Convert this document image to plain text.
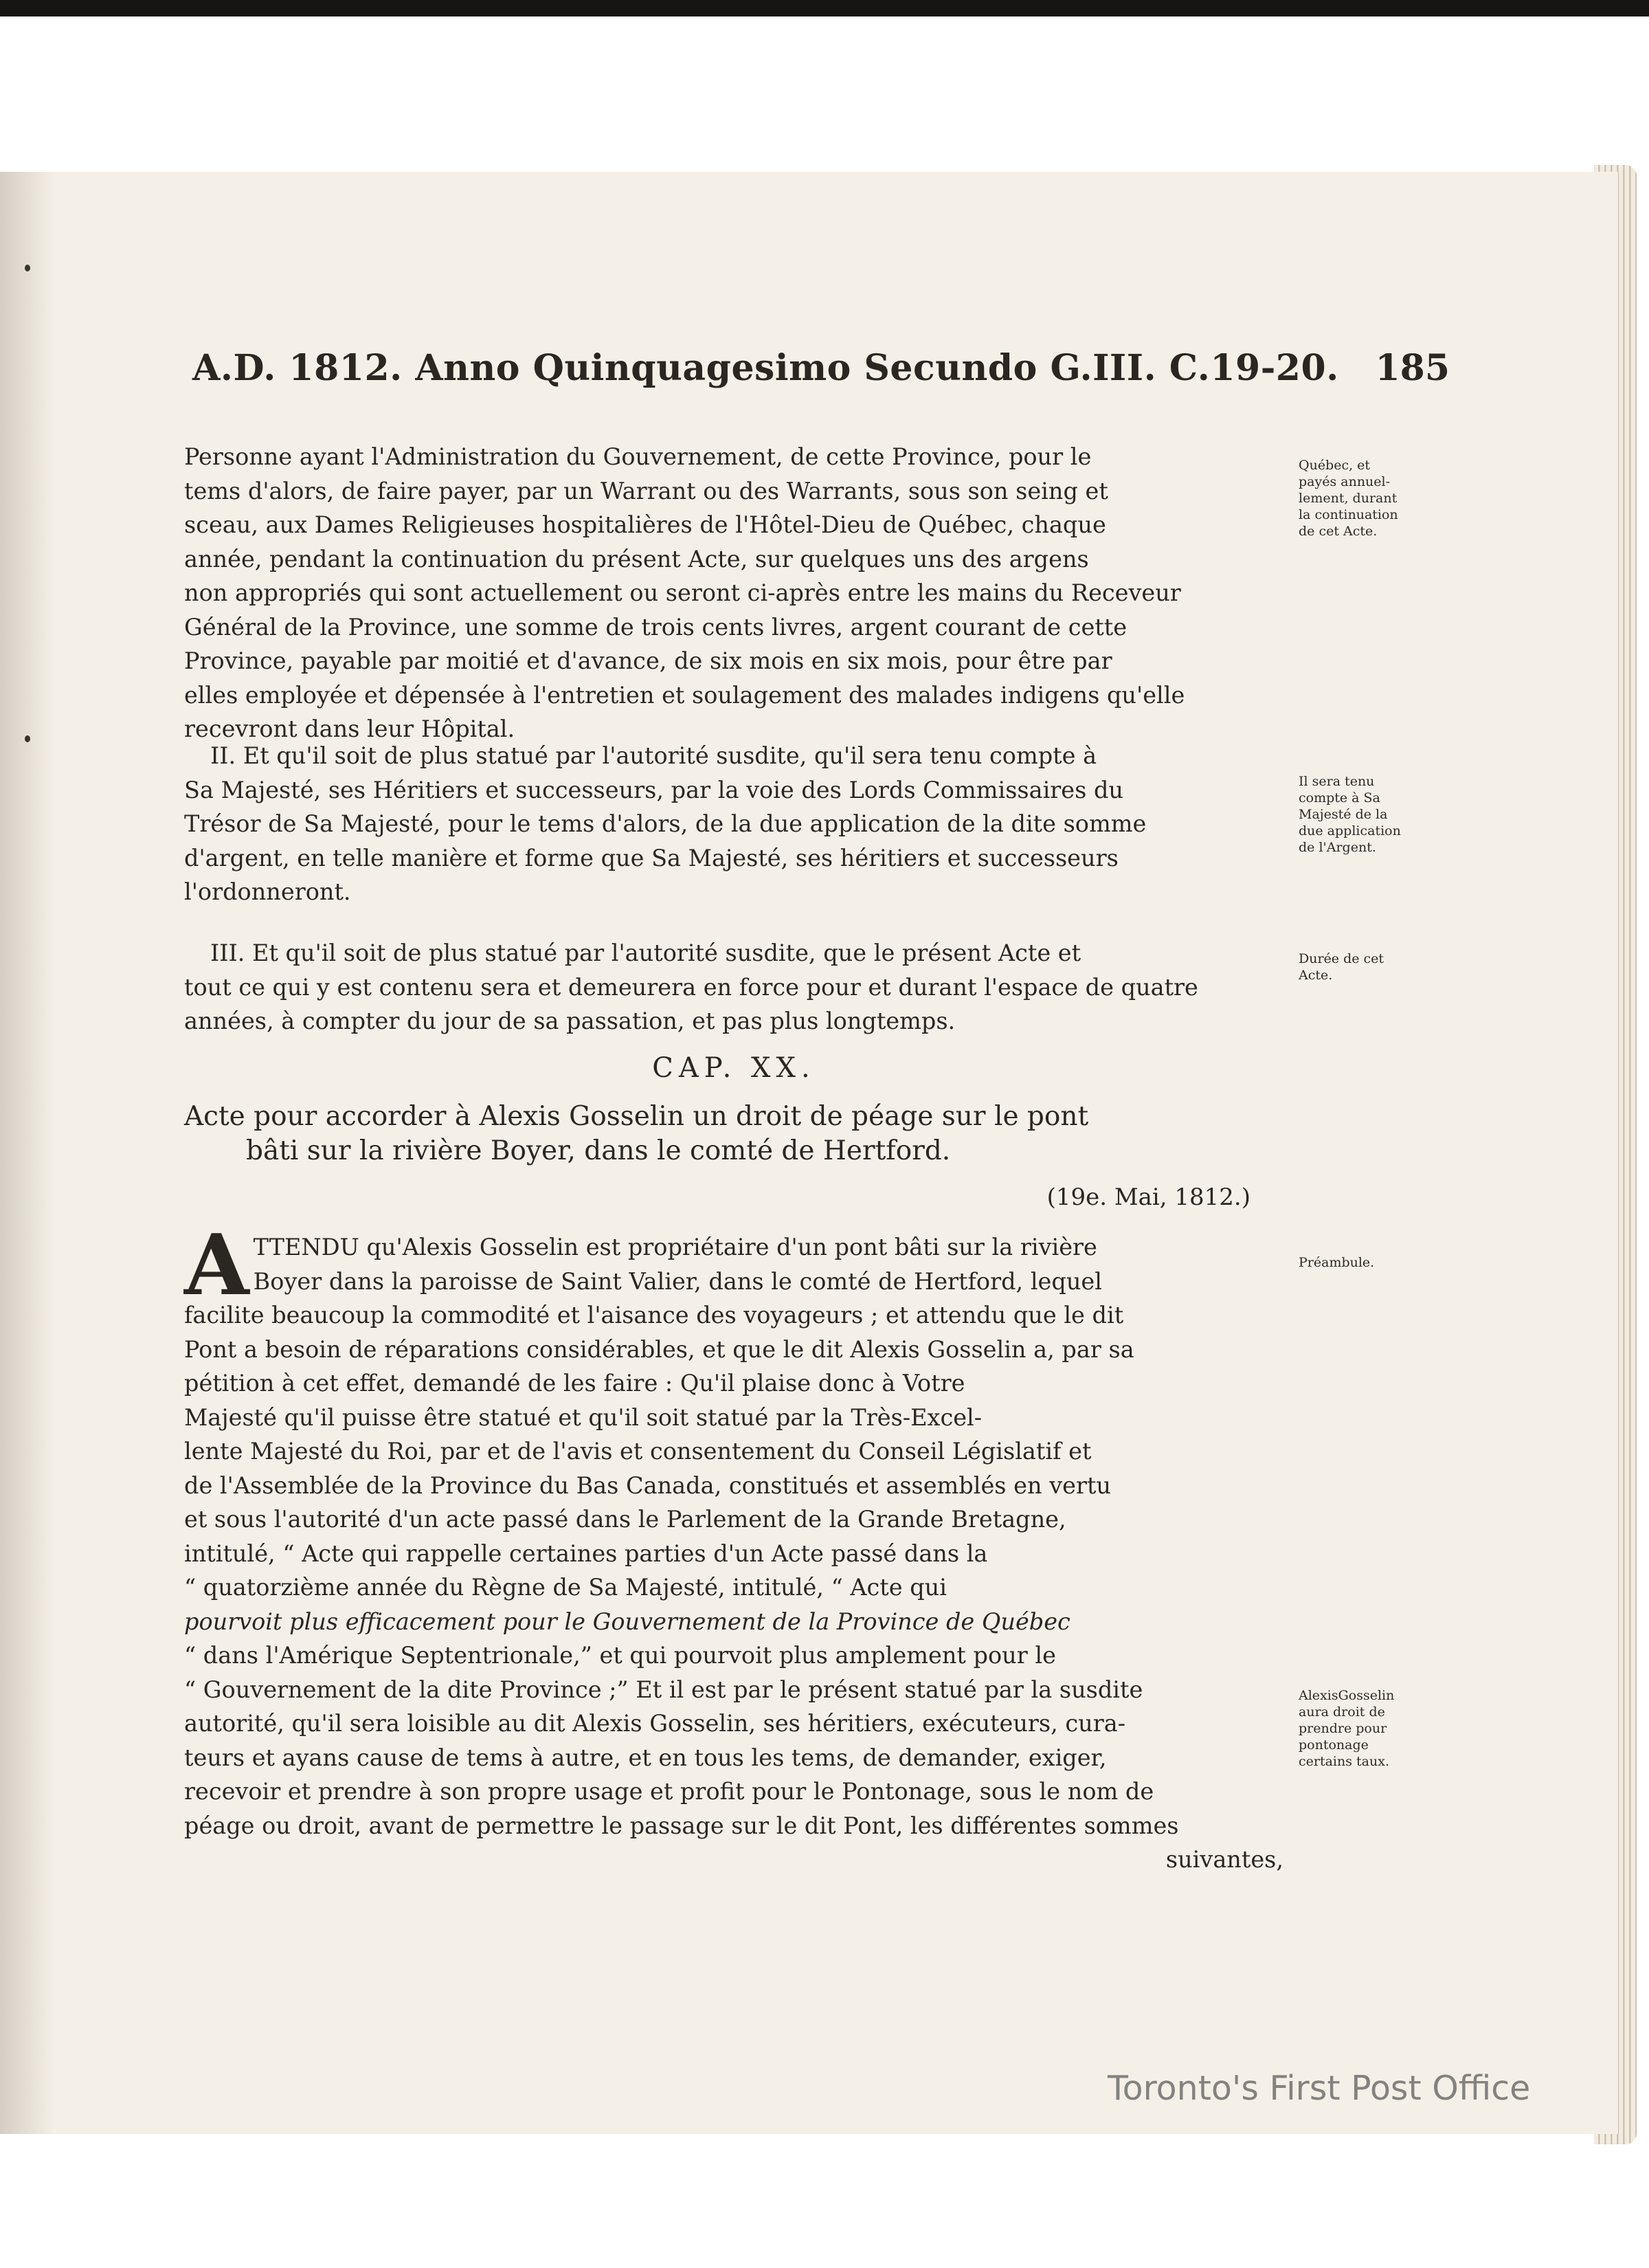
A.D. 1812. Anno Quinquagesimo Secundo G.III. C.19-20. 185

Personne ayant l'Administration du Gouvernement, de cette Province, pour le

tems d'alors, de faire payer, par un Warrant ou des Warrants, sous son seing et

sceau, aux Dames Religieuses hospitalières de l'Hôtel-Dieu de Québec, chaque

année, pendant la continuation du présent Acte, sur quelques uns des argens

non appropriés qui sont actuellement ou seront ci-après entre les mains du Receveur

Général de la Province, une somme de trois cents livres, argent courant de cette

Province, payable par moitié et d'avance, de six mois en six mois, pour être par

elles employée et dépensée à l'entretien et soulagement des malades indigens qu'elle

recevront dans leur Hôpital.

II. Et qu'il soit de plus statué par l'autorité susdite, qu'il sera tenu compte à

Sa Majesté, ses Héritiers et successeurs, par la voie des Lords Commissaires du

Trésor de Sa Majesté, pour le tems d'alors, de la due application de la dite somme

d'argent, en telle manière et forme que Sa Majesté, ses héritiers et successeurs

l'ordonneront.

III. Et qu'il soit de plus statué par l'autorité susdite, que le présent Acte et

tout ce qui y est contenu sera et demeurera en force pour et durant l'espace de quatre

années, à compter du jour de sa passation, et pas plus longtemps.

CAP. XX.
Acte pour accorder à Alexis Gosselin un droit de péage sur le pont
bâti sur la rivière Boyer, dans le comté de Hertford.
(19e. Mai, 1812.)
A TTENDU qu'Alexis Gosselin est propriétaire d'un pont bâti sur la rivière

Boyer dans la paroisse de Saint Valier, dans le comté de Hertford, lequel

facilite beaucoup la commodité et l'aisance des voyageurs ; et attendu que le dit

Pont a besoin de réparations considérables, et que le dit Alexis Gosselin a, par sa

pétition à cet effet, demandé de les faire : Qu'il plaise donc à Votre

Majesté qu'il puisse être statué et qu'il soit statué par la Très-Excel-

lente Majesté du Roi, par et de l'avis et consentement du Conseil Législatif et

de l'Assemblée de la Province du Bas Canada, constitués et assemblés en vertu

et sous l'autorité d'un acte passé dans le Parlement de la Grande Bretagne,

intitulé, “ Acte qui rappelle certaines parties d'un Acte passé dans la

“ quatorzième année du Règne de Sa Majesté, intitulé, “ Acte qui

pourvoit plus efficacement pour le Gouvernement de la Province de Québec

“ dans l'Amérique Septentrionale,” et qui pourvoit plus amplement pour le

“ Gouvernement de la dite Province ;” Et il est par le présent statué par la susdite

autorité, qu'il sera loisible au dit Alexis Gosselin, ses héritiers, exécuteurs, cura-

teurs et ayans cause de tems à autre, et en tous les tems, de demander, exiger,

recevoir et prendre à son propre usage et profit pour le Pontonage, sous le nom de

péage ou droit, avant de permettre le passage sur le dit Pont, les différentes sommes

suivantes,

Québec, et
payés annuel-
lement, durant
la continuation
de cet Acte.
Il sera tenu
compte à Sa
Majesté de la
due application
de l'Argent.
Durée de cet
Acte.
Préambule.
AlexisGosselin
aura droit de
prendre pour
pontonage
certains taux.
Toronto's First Post Office
